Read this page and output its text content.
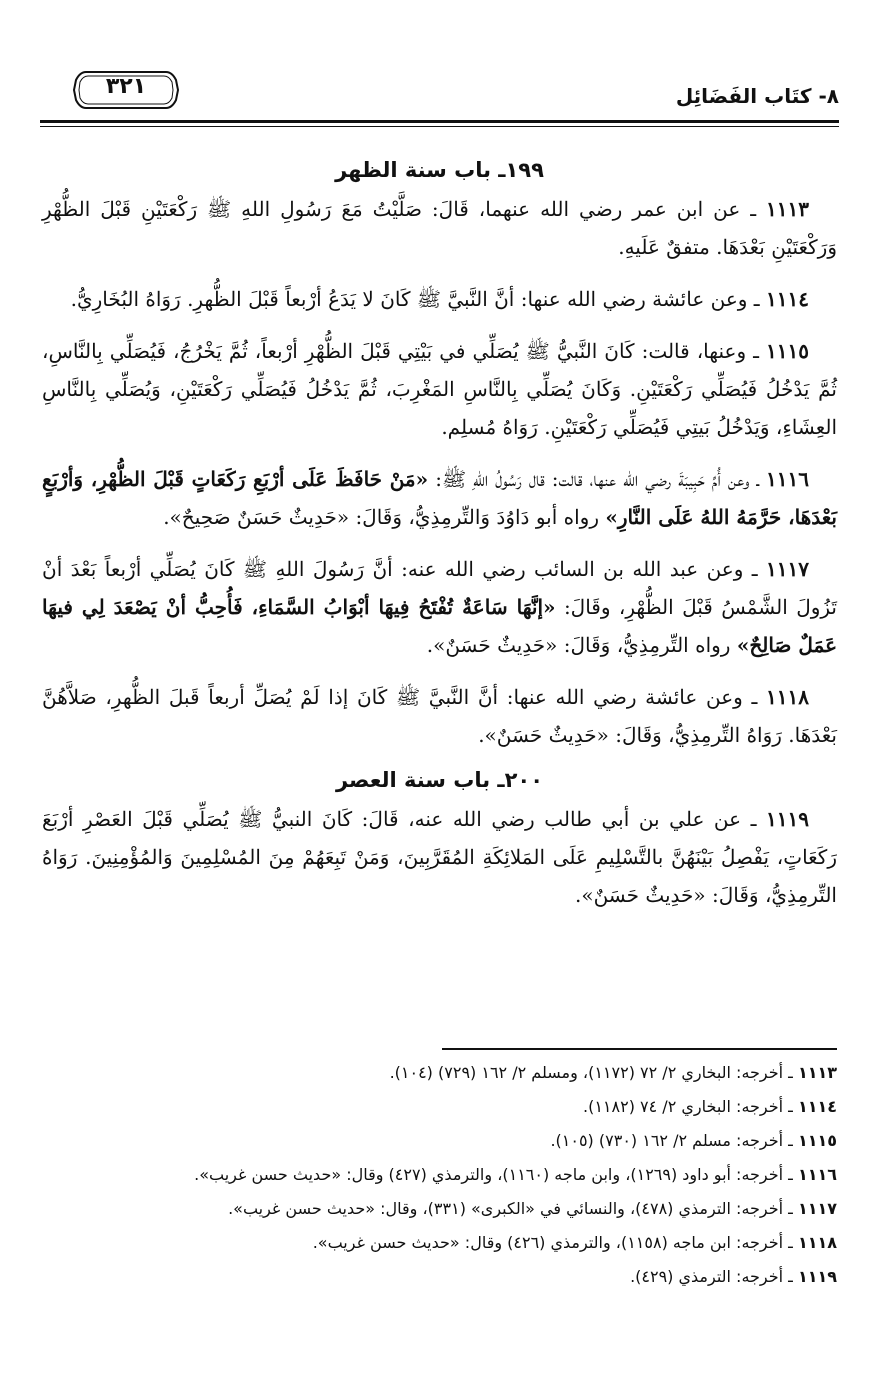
٨- كتَاب الفَضَائِل
٣٢١
١٩٩ـ باب سنة الظهر

١١١٣ ـ عن ابن عمر رضي الله عنهما، قَالَ: صَلَّيْتُ مَعَ رَسُولِ اللهِ ﷺ رَكْعَتَيْنِ قَبْلَ الظُّهْرِ وَرَكْعَتَيْنِ بَعْدَهَا. متفقٌ عَلَيهِ.

١١١٤ ـ وعن عائشة رضي الله عنها: أنَّ النَّبيَّ ﷺ كَانَ لا يَدَعُ أرْبعاً قَبْلَ الظُّهرِ. رَوَاهُ البُخَارِيُّ.

١١١٥ ـ وعنها، قالت: كَانَ النَّبيُّ ﷺ يُصَلِّي في بَيْتِي قَبْلَ الظُّهْرِ أرْبعاً، ثُمَّ يَخْرُجُ، فَيُصَلِّي بِالنَّاسِ، ثُمَّ يَدْخُلُ فَيُصَلِّي رَكْعَتَيْنِ. وَكَانَ يُصَلِّي بِالنَّاسِ المَغْرِبَ، ثُمَّ يَدْخُلُ فَيُصَلِّي رَكْعَتَيْنِ، وَيُصَلِّي بِالنَّاسِ العِشَاءِ، وَيَدْخُلُ بَيتِي فَيُصَلِّي رَكْعَتَيْنِ. رَوَاهُ مُسلِم.

١١١٦ ـ وعن أُمِّ حَبِيبَةَ رضي الله عنها، قالت: قال رَسُولُ اللهِ ﷺ: «مَنْ حَافَظَ عَلَى أرْبَعِ رَكَعَاتٍ قَبْلَ الظُّهْرِ، وَأرْبَعٍ بَعْدَهَا، حَرَّمَهُ اللهُ عَلَى النَّارِ» رواه أبو دَاوُدَ وَالتِّرمِذِيُّ، وَقَالَ: «حَدِيثٌ حَسَنٌ صَحِيحٌ».

١١١٧ ـ وعن عبد الله بن السائب رضي الله عنه: أنَّ رَسُولَ اللهِ ﷺ كَانَ يُصَلِّي أرْبعاً بَعْدَ أنْ تَزُولَ الشَّمْسُ قَبْلَ الظُّهْرِ، وقَالَ: «إنَّهَا سَاعَةٌ تُفْتَحُ فِيهَا أبْوَابُ السَّمَاءِ، فَأُحِبُّ أنْ يَصْعَدَ لِي فيهَا عَمَلٌ صَالِحٌ» رواه التِّرمِذِيُّ، وَقَالَ: «حَدِيثٌ حَسَنٌ».

١١١٨ ـ وعن عائشة رضي الله عنها: أنَّ النَّبيَّ ﷺ كَانَ إذا لَمْ يُصَلِّ أربعاً قَبلَ الظُّهرِ، صَلاَّهُنَّ بَعْدَهَا. رَوَاهُ التِّرمِذِيُّ، وَقَالَ: «حَدِيثٌ حَسَنٌ».

٢٠٠ـ باب سنة العصر

١١١٩ ـ عن علي بن أبي طالب رضي الله عنه، قَالَ: كَانَ النبيُّ ﷺ يُصَلِّي قَبْلَ العَصْرِ أرْبَعَ رَكَعَاتٍ، يَفْصِلُ بَيْنَهُنَّ بالتَّسْلِيمِ عَلَى المَلائِكَةِ المُقَرَّبِينَ، وَمَنْ تَبِعَهُمْ مِنَ المُسْلِمِينَ وَالمُؤْمِنِينَ. رَوَاهُ التِّرمِذِيُّ، وَقَالَ: «حَدِيثٌ حَسَنٌ».

١١١٣ ـ أخرجه: البخاري ٢/ ٧٢ (١١٧٢)، ومسلم ٢/ ١٦٢ (٧٢٩) (١٠٤).

١١١٤ ـ أخرجه: البخاري ٢/ ٧٤ (١١٨٢).

١١١٥ ـ أخرجه: مسلم ٢/ ١٦٢ (٧٣٠) (١٠٥).

١١١٦ ـ أخرجه: أبو داود (١٢٦٩)، وابن ماجه (١١٦٠)، والترمذي (٤٢٧) وقال: «حديث حسن غريب».

١١١٧ ـ أخرجه: الترمذي (٤٧٨)، والنسائي في «الكبرى» (٣٣١)، وقال: «حديث حسن غريب».

١١١٨ ـ أخرجه: ابن ماجه (١١٥٨)، والترمذي (٤٢٦) وقال: «حديث حسن غريب».

١١١٩ ـ أخرجه: الترمذي (٤٢٩).
